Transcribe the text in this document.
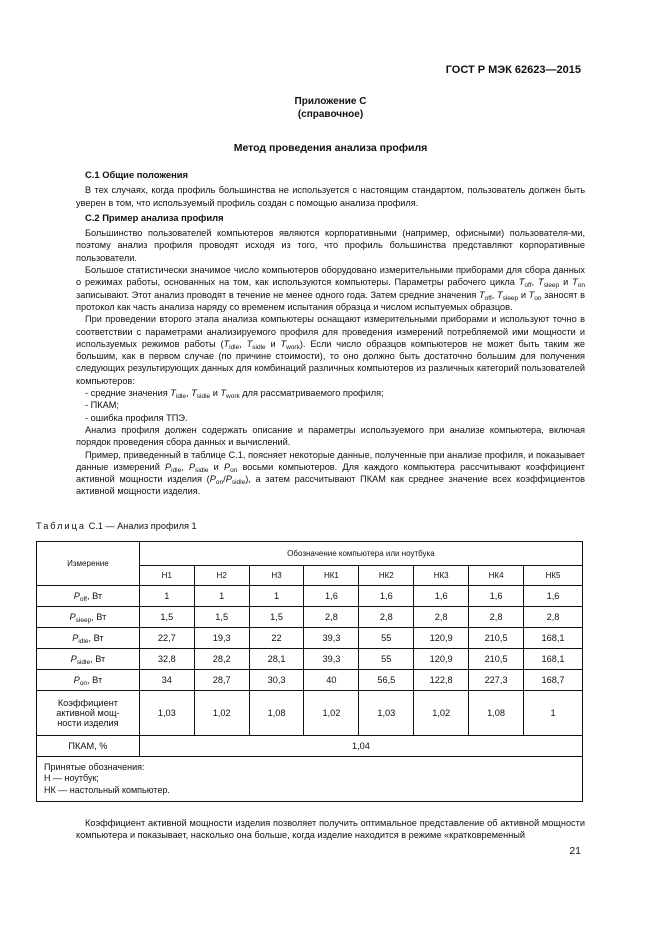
ГОСТ Р МЭК 62623—2015
Приложение С
(справочное)
Метод проведения анализа профиля
С.1 Общие положения

В тех случаях, когда профиль большинства не используется с настоящим стандартом, пользователь должен быть уверен в том, что используемый профиль создан с помощью анализа профиля.

С.2 Пример анализа профиля

Большинство пользователей компьютеров являются корпоративными (например, офисными) пользователя-ми, поэтому анализ профиля проводят исходя из того, что профиль большинства представляют корпоративные пользователи.

Большое статистически значимое число компьютеров оборудовано измерительными приборами для сбора данных о режимах работы, основанных на том, как используются компьютеры. Параметры рабочего цикла $T_{off}$, $T_{sleep}$ и $T_{on}$ записывают. Этот анализ проводят в течение не менее одного года. Затем средние значения $T_{off}$, $T_{sleep}$ и $T_{on}$ заносят в протокол как часть анализа наряду со временем испытания образца и числом испытуемых образцов.

При проведении второго этапа анализа компьютеры оснащают измерительными приборами и используют точно в соответствии с параметрами анализируемого профиля для проведения измерений потребляемой ими мощности и используемых режимов работы ($T_{idle}$, $T_{sidle}$ и $T_{work}$). Если число образцов компьютеров не может быть таким же большим, как в первом случае (по причине стоимости), то оно должно быть достаточно большим для получения следующих результирующих данных для комбинаций различных компьютеров из различных категорий пользователей компьютеров:

- средние значения $T_{idle}$, $T_{sidle}$ и $T_{work}$ для рассматриваемого профиля;

- ПКАМ;

- ошибка профиля ТПЭ.

Анализ профиля должен содержать описание и параметры используемого при анализе компьютера, включая порядок проведения сбора данных и вычислений.

Пример, приведенный в таблице С.1, поясняет некоторые данные, полученные при анализе профиля, и показывает данные измерений $P_{idle}$, $P_{sidle}$ и $P_{on}$ восьми компьютеров. Для каждого компьютера рассчитывают коэффициент активной мощности изделия $(P_{on}/P_{sidle})$, а затем рассчитывают ПКАМ как среднее значение всех коэффициентов активной мощности изделия.

Таблица С.1 — Анализ профиля 1
Измерение	Обозначение компьютера или ноутбука							
	Н1	Н2	Н3	НК1	НК2	НК3	НК4	НК5
$P_{off}$, Вт	1	1	1	1,6	1,6	1,6	1,6	1,6
$P_{sleep}$, Вт	1,5	1,5	1,5	2,8	2,8	2,8	2,8	2,8
$P_{idle}$, Вт	22,7	19,3	22	39,3	55	120,9	210,5	168,1
$P_{sidle}$, Вт	32,8	28,2	28,1	39,3	55	120,9	210,5	168,1
$P_{on}$, Вт	34	28,7	30,3	40	56,5	122,8	227,3	168,7
Коэффициент
активной мощ-
ности изделия	1,03	1,02	1,08	1,02	1,03	1,02	1,08	1
ПКАМ, %	1,04							

Принятые обозначения:
Н — ноутбук;
НК — настольный компьютер.								

Коэффициент активной мощности изделия позволяет получить оптимальное представление об активной мощности компьютера и показывает, насколько она больше, когда изделие находится в режиме «кратковременный

21
